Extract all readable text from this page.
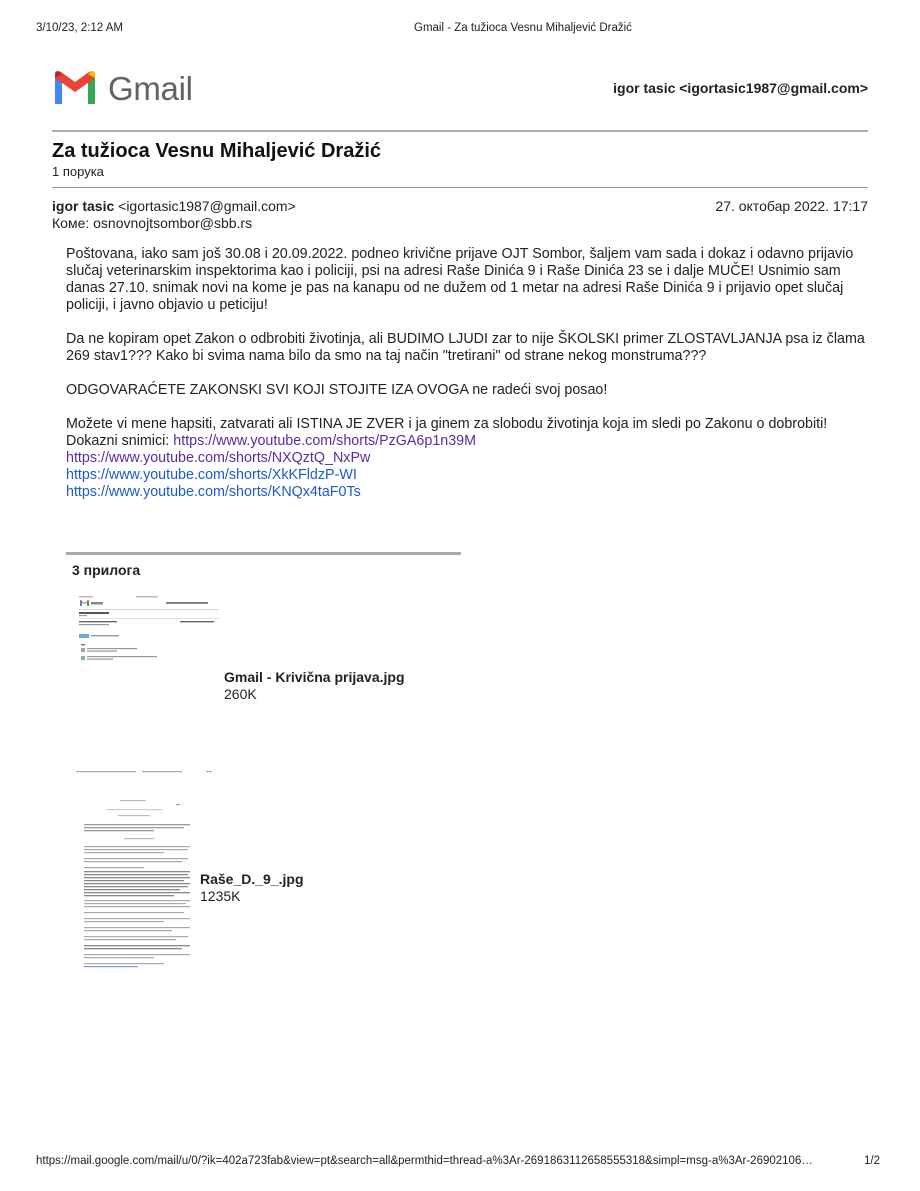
3/10/23, 2:12 AM	Gmail - Za tužioca Vesnu Mihaljević Dražić
Gmail	igor tasic <igortasic1987@gmail.com>
Za tužioca Vesnu Mihaljević Dražić
1 порука
igor tasic <igortasic1987@gmail.com>	27. октобар 2022. 17:17
Коме: osnovnojtsombor@sbb.rs

Poštovana, iako sam još 30.08 i 20.09.2022. podneo krivične prijave OJT Sombor, šaljem vam sada i dokaz i odavno prijavio slučaj veterinarskim inspektorima kao i policiji, psi na adresi Raše Dinića 9 i Raše Dinića 23 se i dalje MUČE! Usnimio sam danas 27.10. snimak novi na kome je pas na kanapu od ne dužem od 1 metar na adresi Raše Dinića 9 i prijavio opet slučaj policiji, i javno objavio u peticiju!

Da ne kopiram opet Zakon o odbrobiti životinja, ali BUDIMO LJUDI zar to nije ŠKOLSKI primer ZLOSTAVLJANJA psa iz člama 269 stav1??? Kako bi svima nama bilo da smo na taj način "tretirani" od strane nekog monstruma???

ODGOVARAĆETE ZAKONSKI SVI KOJI STOJITE IZA OVOGA ne radeći svoj posao!

Možete vi mene hapsiti, zatvarati ali ISTINA JE ZVER i ja ginem za slobodu životinja koja im sledi po Zakonu o dobrobiti!
Dokazni snimici: https://www.youtube.com/shorts/PzGA6p1n39M
https://www.youtube.com/shorts/NXQztQ_NxPw
https://www.youtube.com/shorts/XkKFldzP-WI
https://www.youtube.com/shorts/KNQx4taF0Ts
3 прилога
Gmail - Krivična prijava.jpg
260K
Raše_D._9_.jpg
1235K
https://mail.google.com/mail/u/0/?ik=402a723fab&view=pt&search=all&permthid=thread-a%3Ar-2691863112658555318&simpl=msg-a%3Ar-26902106…	1/2
